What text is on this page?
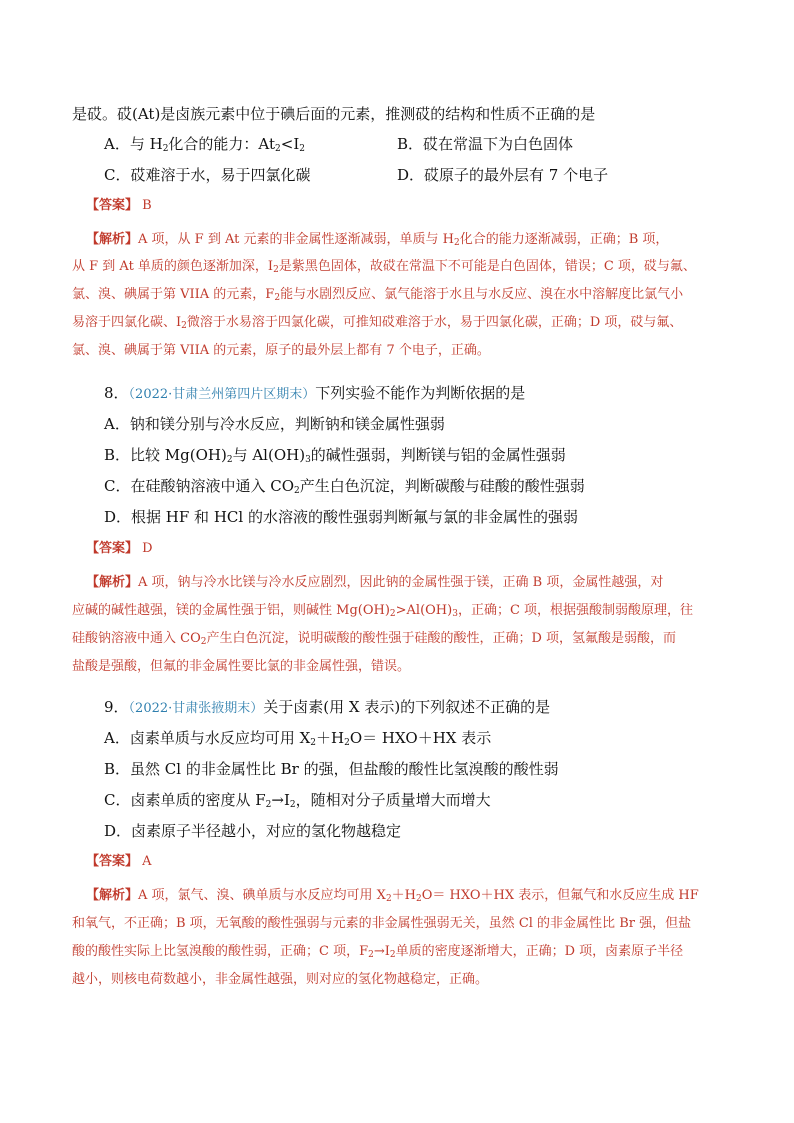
是砹。砹(At)是卤族元素中位于碘后面的元素，推测砹的结构和性质不正确的是
A．与 $H_2$化合的能力：$At_2<I_2$	B．砹在常温下为白色固体
C．砹难溶于水，易于四氯化碳	D．砹原子的最外层有 7 个电子
【答案】 B
【解析】A 项，从 F 到 At 元素的非金属性逐渐减弱，单质与 $H_2$化合的能力逐渐减弱，正确；B 项，
从 F 到 At 单质的颜色逐渐加深，$I_2$是紫黑色固体，故砹在常温下不可能是白色固体，错误；C 项，砹与氟、
氯、溴、碘属于第 VIIA 的元素，$F_2$能与水剧烈反应、氯气能溶于水且与水反应、溴在水中溶解度比氯气小
易溶于四氯化碳、$I_2$微溶于水易溶于四氯化碳，可推知砹难溶于水，易于四氯化碳，正确；D 项，砹与氟、
氯、溴、碘属于第 VIIA 的元素，原子的最外层上都有 7 个电子，正确。
8．（2022·甘肃兰州第四片区期末）下列实验不能作为判断依据的是
A．钠和镁分别与冷水反应，判断钠和镁金属性强弱
B．比较 $Mg(OH)_2$与 $Al(OH)_3$的碱性强弱，判断镁与铝的金属性强弱
C．在硅酸钠溶液中通入 $CO_2$产生白色沉淀，判断碳酸与硅酸的酸性强弱
D．根据 HF 和 HCl 的水溶液的酸性强弱判断氟与氯的非金属性的强弱
【答案】 D
【解析】A 项，钠与冷水比镁与冷水反应剧烈，因此钠的金属性强于镁，正确 B 项，金属性越强，对
应碱的碱性越强，镁的金属性强于铝，则碱性 $Mg(OH)_2>Al(OH)_3$，正确；C 项，根据强酸制弱酸原理，往
硅酸钠溶液中通入 $CO_2$产生白色沉淀，说明碳酸的酸性强于硅酸的酸性，正确；D 项，氢氟酸是弱酸，而
盐酸是强酸，但氟的非金属性要比氯的非金属性强，错误。
9．（2022·甘肃张掖期末）关于卤素(用 X 表示)的下列叙述不正确的是
A．卤素单质与水反应均可用 $X_2+H_2O= HXO+HX$ 表示
B．虽然 Cl 的非金属性比 Br 的强，但盐酸的酸性比氢溴酸的酸性弱
C．卤素单质的密度从 $F_2\to I_2$，随相对分子质量增大而增大
D．卤素原子半径越小，对应的氢化物越稳定
【答案】 A
【解析】A 项，氯气、溴、碘单质与水反应均可用 $X_2+H_2O= HXO+HX$ 表示，但氟气和水反应生成 HF
和氧气，不正确；B 项，无氧酸的酸性强弱与元素的非金属性强弱无关，虽然 Cl 的非金属性比 Br 强，但盐
酸的酸性实际上比氢溴酸的酸性弱，正确；C 项，$F_2\to I_2$单质的密度逐渐增大，正确；D 项，卤素原子半径
越小，则核电荷数越小，非金属性越强，则对应的氢化物越稳定，正确。
